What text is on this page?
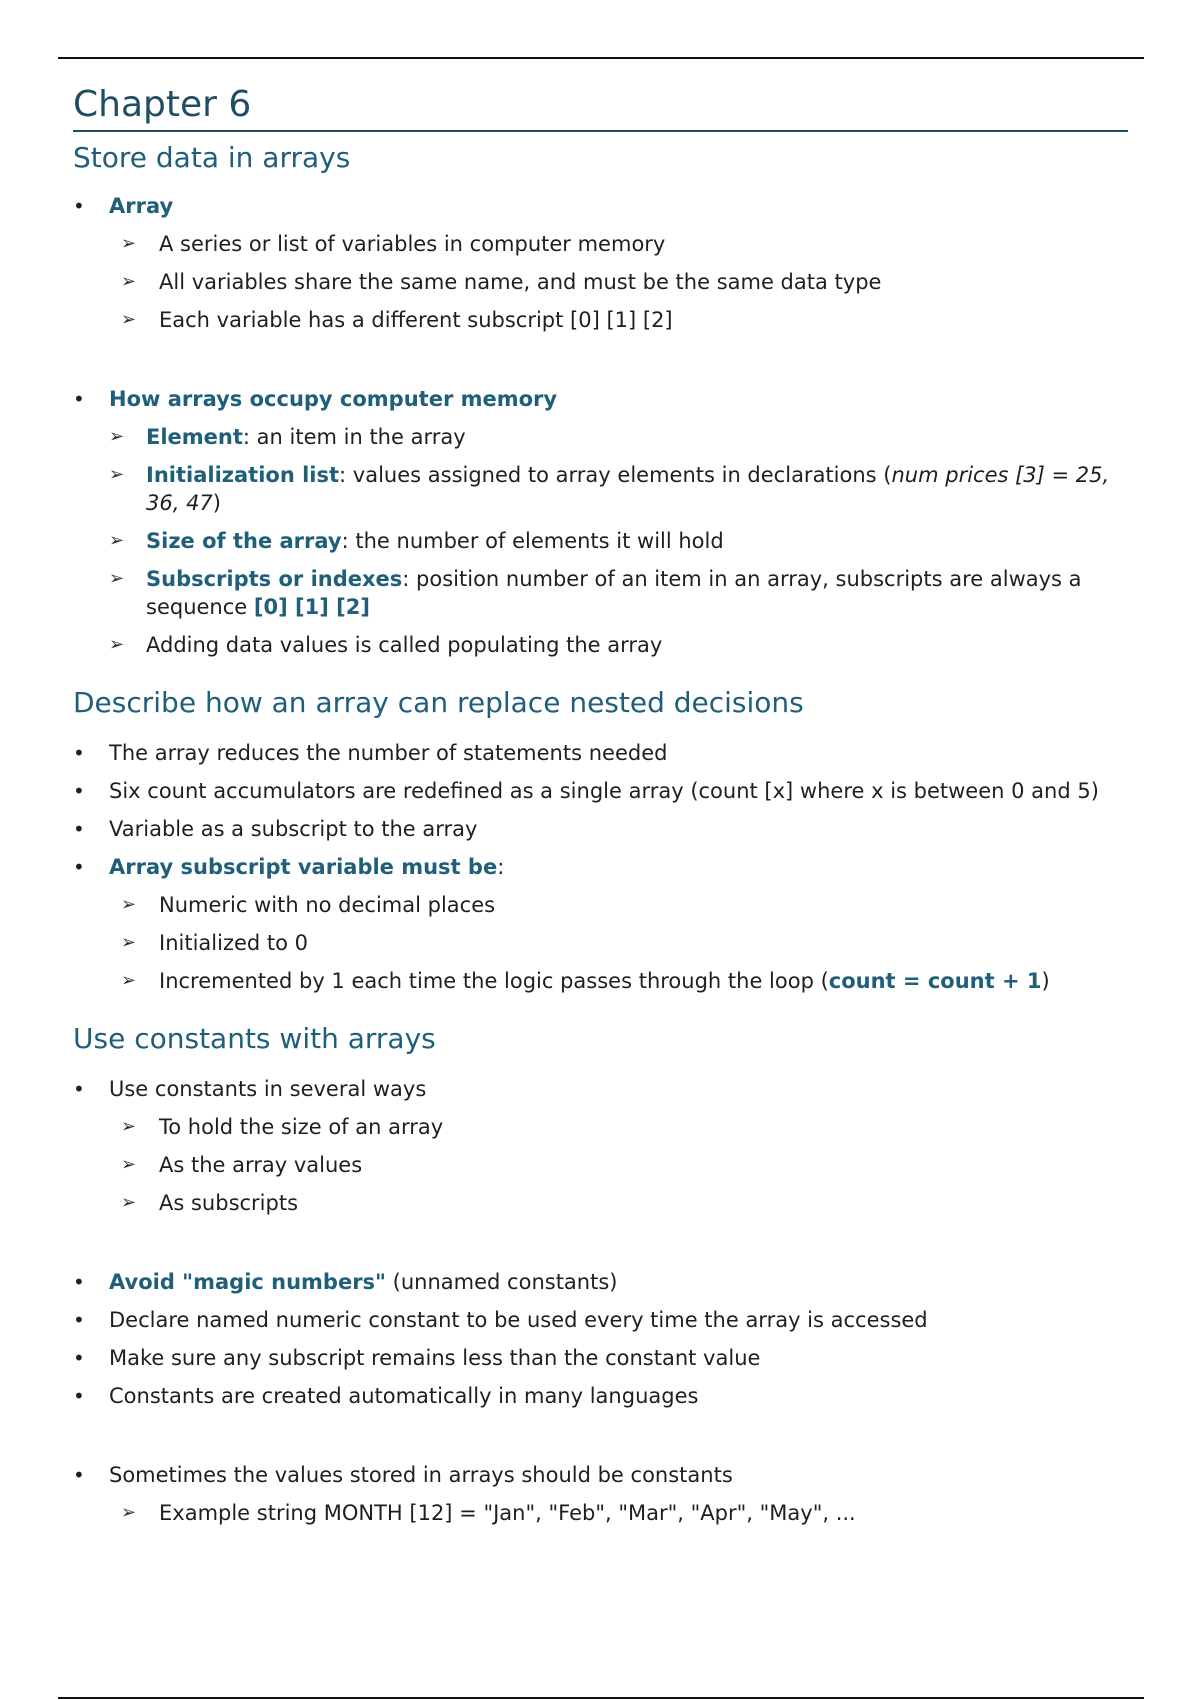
Chapter 6
Store data in arrays
• Array
➢ A series or list of variables in computer memory
➢ All variables share the same name, and must be the same data type
➢ Each variable has a different subscript [0] [1] [2]
• How arrays occupy computer memory
➢ Element: an item in the array
➢ Initialization list: values assigned to array elements in declarations (num prices [3] = 25, 36, 47)
➢ Size of the array: the number of elements it will hold
➢ Subscripts or indexes: position number of an item in an array, subscripts are always a sequence [0] [1] [2]
➢ Adding data values is called populating the array
Describe how an array can replace nested decisions
• The array reduces the number of statements needed
• Six count accumulators are redefined as a single array (count [x] where x is between 0 and 5)
• Variable as a subscript to the array
• Array subscript variable must be:
➢ Numeric with no decimal places
➢ Initialized to 0
➢ Incremented by 1 each time the logic passes through the loop (count = count + 1)
Use constants with arrays
• Use constants in several ways
➢ To hold the size of an array
➢ As the array values
➢ As subscripts
• Avoid "magic numbers" (unnamed constants)
• Declare named numeric constant to be used every time the array is accessed
• Make sure any subscript remains less than the constant value
• Constants are created automatically in many languages
• Sometimes the values stored in arrays should be constants
➢ Example string MONTH [12] = "Jan", "Feb", "Mar", "Apr", "May", ...
